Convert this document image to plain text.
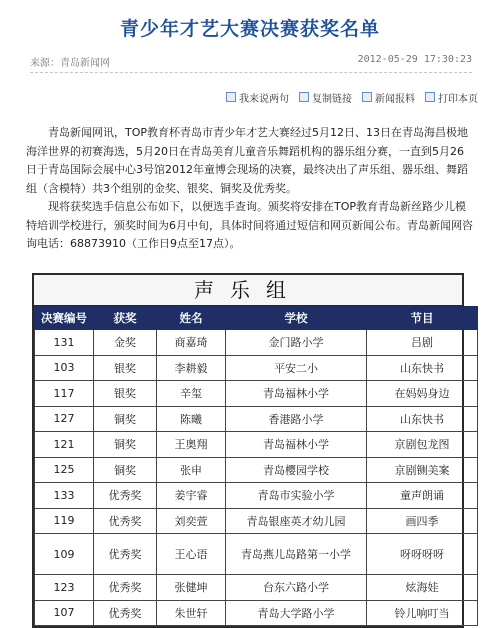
青少年才艺大赛决赛获奖名单
来源：青岛新闻网	2012-05-29 17:30:23
我来说两句 复制链接 新闻报料 打印本页

青岛新闻网讯，TOP教育杯青岛市青少年才艺大赛经过5月12日、13日在青岛海昌极地海洋世界的初赛海选，5月20日在青岛美育儿童音乐舞蹈机构的器乐组分赛，一直到5月26日于青岛国际会展中心3号馆2012年童博会现场的决赛，最终决出了声乐组、器乐组、舞蹈组（含模特）共3个组别的金奖、银奖、铜奖及优秀奖。

现将获奖选手信息公布如下，以便选手查询。颁奖将安排在TOP教育青岛新丝路少儿模特培训学校进行，颁奖时间为6月中旬，具体时间将通过短信和网页新闻公布。青岛新闻网咨询电话：68873910（工作日9点至17点）。

声乐组
决赛编号	获奖	姓名	学校	节目
131	金奖	商嘉琦	金门路小学	吕剧
103	银奖	李耕毅	平安二小	山东快书
117	银奖	辛玺	青岛福林小学	在妈妈身边
127	铜奖	陈曦	香港路小学	山东快书
121	铜奖	王奥翔	青岛福林小学	京剧包龙图
125	铜奖	张申	青岛樱园学校	京剧铡美案
133	优秀奖	姜宇睿	青岛市实验小学	童声朗诵
119	优秀奖	刘奕萱	青岛银座英才幼儿园	画四季
109	优秀奖	王心语	青岛燕儿岛路第一小学	呀呀呀呀
123	优秀奖	张健坤	台东六路小学	炫海娃
107	优秀奖	朱世轩	青岛大学路小学	铃儿响叮当
